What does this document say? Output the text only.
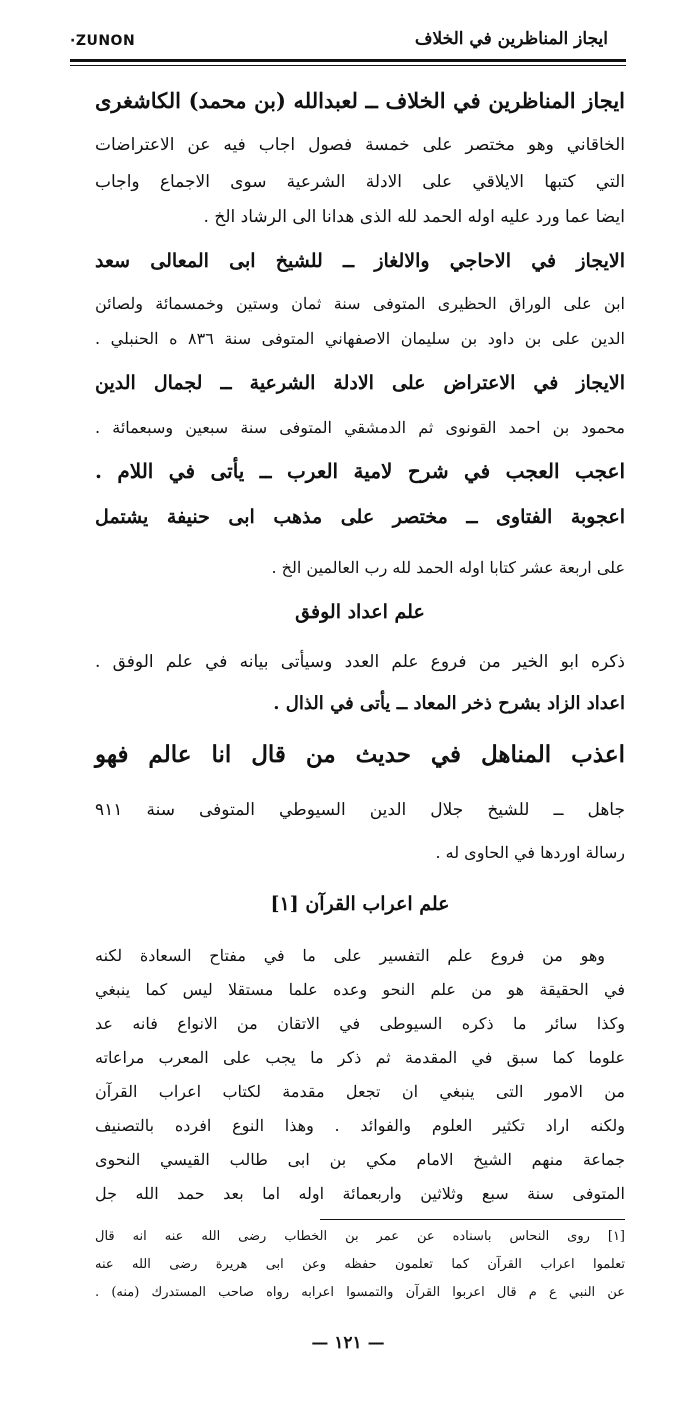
·ZUNON	ايجاز المناظرين في الخلاف
ايجاز المناظرين في الخلاف ــ لعبدالله (بن محمد) الكاشغرى
الخاقاني وهو مختصر على خمسة فصول اجاب فيه عن الاعتراضات
التي كتبها الايلاقي على الادلة الشرعية سوى الاجماع واجاب
ايضا عما ورد عليه اوله الحمد لله الذى هدانا الى الرشاد الخ .
الايجاز في الاحاجي والالغاز ــ للشيخ ابى المعالى سعد
ابن على الوراق الحظيرى المتوفى سنة ثمان وستين وخمسمائة ولصائن
الدين على بن داود بن سليمان الاصفهاني المتوفى سنة ٨٣٦ ه الحنبلي .
الايجاز في الاعتراض على الادلة الشرعية ــ لجمال الدين
محمود بن احمد القونوى ثم الدمشقي المتوفى سنة سبعين وسبعمائة .
اعجب العجب في شرح لامية العرب ــ يأتى في اللام .
اعجوبة الفتاوى ــ مختصر على مذهب ابى حنيفة يشتمل
على اربعة عشر كتابا اوله الحمد لله رب العالمين الخ .
علم اعداد الوفق
ذكره ابو الخير من فروع علم العدد وسيأتى بيانه في علم الوفق .
اعداد الزاد بشرح ذخر المعاد ــ يأتى في الذال .
اعذب المناهل في حديث من قال انا عالم فهو
جاهل ــ للشيخ جلال الدين السيوطي المتوفى سنة ٩١١
رسالة اوردها في الحاوى له .
علم اعراب القرآن [١]
وهو من فروع علم التفسير على ما في مفتاح السعادة لكنه
في الحقيقة هو من علم النحو وعده علما مستقلا ليس كما ينبغي
وكذا سائر ما ذكره السيوطى في الاتقان من الانواع فانه عد
علوما كما سبق في المقدمة ثم ذكر ما يجب على المعرب مراعاته
من الامور التى ينبغي ان تجعل مقدمة لكتاب اعراب القرآن
ولكنه اراد تكثير العلوم والفوائد . وهذا النوع افرده بالتصنيف
جماعة منهم الشيخ الامام مكي بن ابى طالب القيسي النحوى
المتوفى سنة سبع وثلاثين واربعمائة اوله اما بعد حمد الله جل
[١] روى النحاس باسناده عن عمر بن الخطاب رضى الله عنه انه قال
تعلموا اعراب القرآن كما تعلمون حفظه وعن ابى هريرة رضى الله عنه
عن النبي ع م قال اعربوا القرآن والتمسوا اعرابه رواه صاحب المستدرك (منه) .
— ١٢١ —
